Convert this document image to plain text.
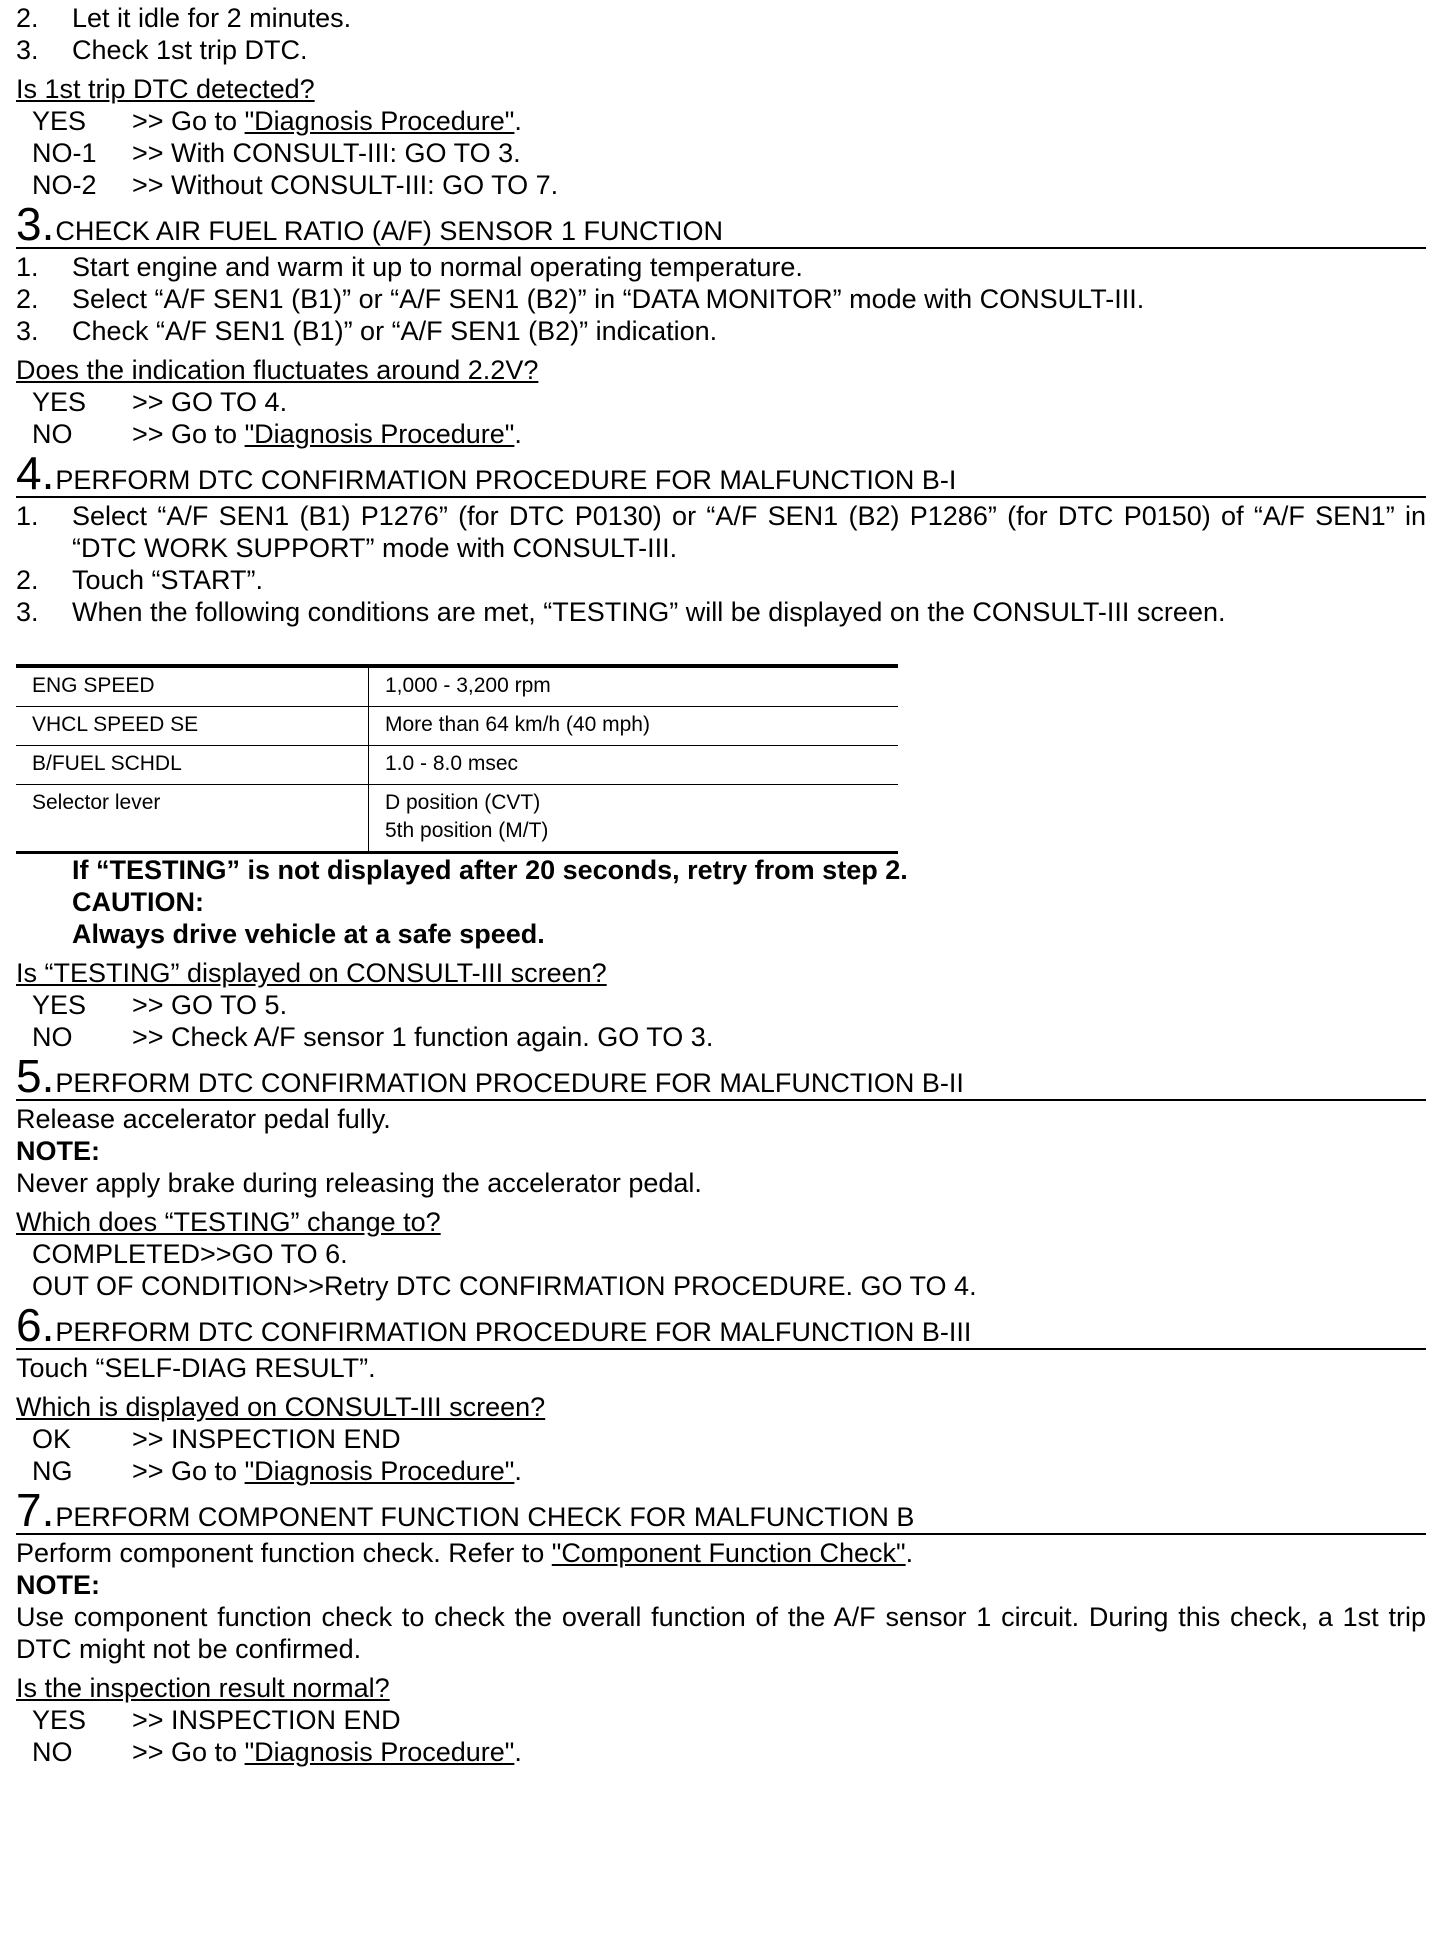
2.	Let it idle for 2 minutes.
3.	Check 1st trip DTC.
Is 1st trip DTC detected?
YES	>> Go to "Diagnosis Procedure".
NO-1	>> With CONSULT-III: GO TO 3.
NO-2	>> Without CONSULT-III: GO TO 7.
3. CHECK AIR FUEL RATIO (A/F) SENSOR 1 FUNCTION
1.	Start engine and warm it up to normal operating temperature.
2.	Select “A/F SEN1 (B1)” or “A/F SEN1 (B2)” in “DATA MONITOR” mode with CONSULT-III.
3.	Check “A/F SEN1 (B1)” or “A/F SEN1 (B2)” indication.
Does the indication fluctuates around 2.2V?
YES	>> GO TO 4.
NO	>> Go to "Diagnosis Procedure".
4. PERFORM DTC CONFIRMATION PROCEDURE FOR MALFUNCTION B-I
1.	Select “A/F SEN1 (B1) P1276” (for DTC P0130) or “A/F SEN1 (B2) P1286” (for DTC P0150) of “A/F SEN1” in “DTC WORK SUPPORT” mode with CONSULT-III.
2.	Touch “START”.
3.	When the following conditions are met, “TESTING” will be displayed on the CONSULT-III screen.
ENG SPEED	1,000 - 3,200 rpm
VHCL SPEED SE	More than 64 km/h (40 mph)
B/FUEL SCHDL	1.0 - 8.0 msec
Selector lever	D position (CVT)
5th position (M/T)
If “TESTING” is not displayed after 20 seconds, retry from step 2.
CAUTION:
Always drive vehicle at a safe speed.
Is “TESTING” displayed on CONSULT-III screen?
YES	>> GO TO 5.
NO	>> Check A/F sensor 1 function again. GO TO 3.
5. PERFORM DTC CONFIRMATION PROCEDURE FOR MALFUNCTION B-II
Release accelerator pedal fully.
NOTE:
Never apply brake during releasing the accelerator pedal.
Which does “TESTING” change to?
COMPLETED>>GO TO 6.
OUT OF CONDITION>>Retry DTC CONFIRMATION PROCEDURE. GO TO 4.
6. PERFORM DTC CONFIRMATION PROCEDURE FOR MALFUNCTION B-III
Touch “SELF-DIAG RESULT”.
Which is displayed on CONSULT-III screen?
OK	>> INSPECTION END
NG	>> Go to "Diagnosis Procedure".
7. PERFORM COMPONENT FUNCTION CHECK FOR MALFUNCTION B
Perform component function check. Refer to "Component Function Check".
NOTE:
Use component function check to check the overall function of the A/F sensor 1 circuit. During this check, a 1st trip DTC might not be confirmed.
Is the inspection result normal?
YES	>> INSPECTION END
NO	>> Go to "Diagnosis Procedure".
